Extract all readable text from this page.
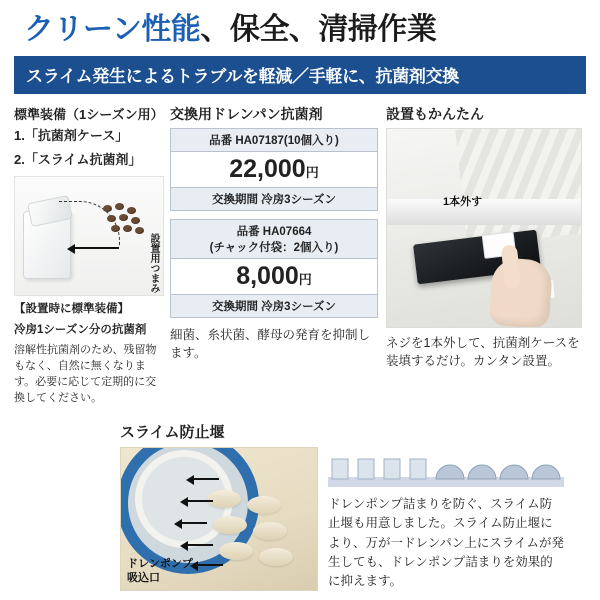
クリーン性能、保全、清掃作業
スライム発生によるトラブルを軽減／手軽に、抗菌剤交換
標準装備（1シーズン用）
1.「抗菌剤ケース」
2.「スライム抗菌剤」
設置用つまみ
【設置時に標準装備】
冷房1シーズン分の抗菌剤
溶解性抗菌剤のため、残留物もなく、自然に無くなります。必要に応じて定期的に交換してください。
交換用ドレンパン抗菌剤
品番 HA07187(10個入り)
22,000円
交換期間 冷房3シーズン
品番 HA07664
(チャック付袋：2個入り)

8,000円
交換期間 冷房3シーズン
細菌、糸状菌、酵母の発育を抑制します。
設置もかんたん
1本外す
ネジを1本外して、抗菌剤ケースを装填するだけ。カンタン設置。
スライム防止堰
ドレンポンプ
吸込口
ドレンポンプ詰まりを防ぐ、スライム防止堰も用意しました。スライム防止堰により、万が一ドレンパン上にスライムが発生しても、ドレンポンプ詰まりを効果的に抑えます。
